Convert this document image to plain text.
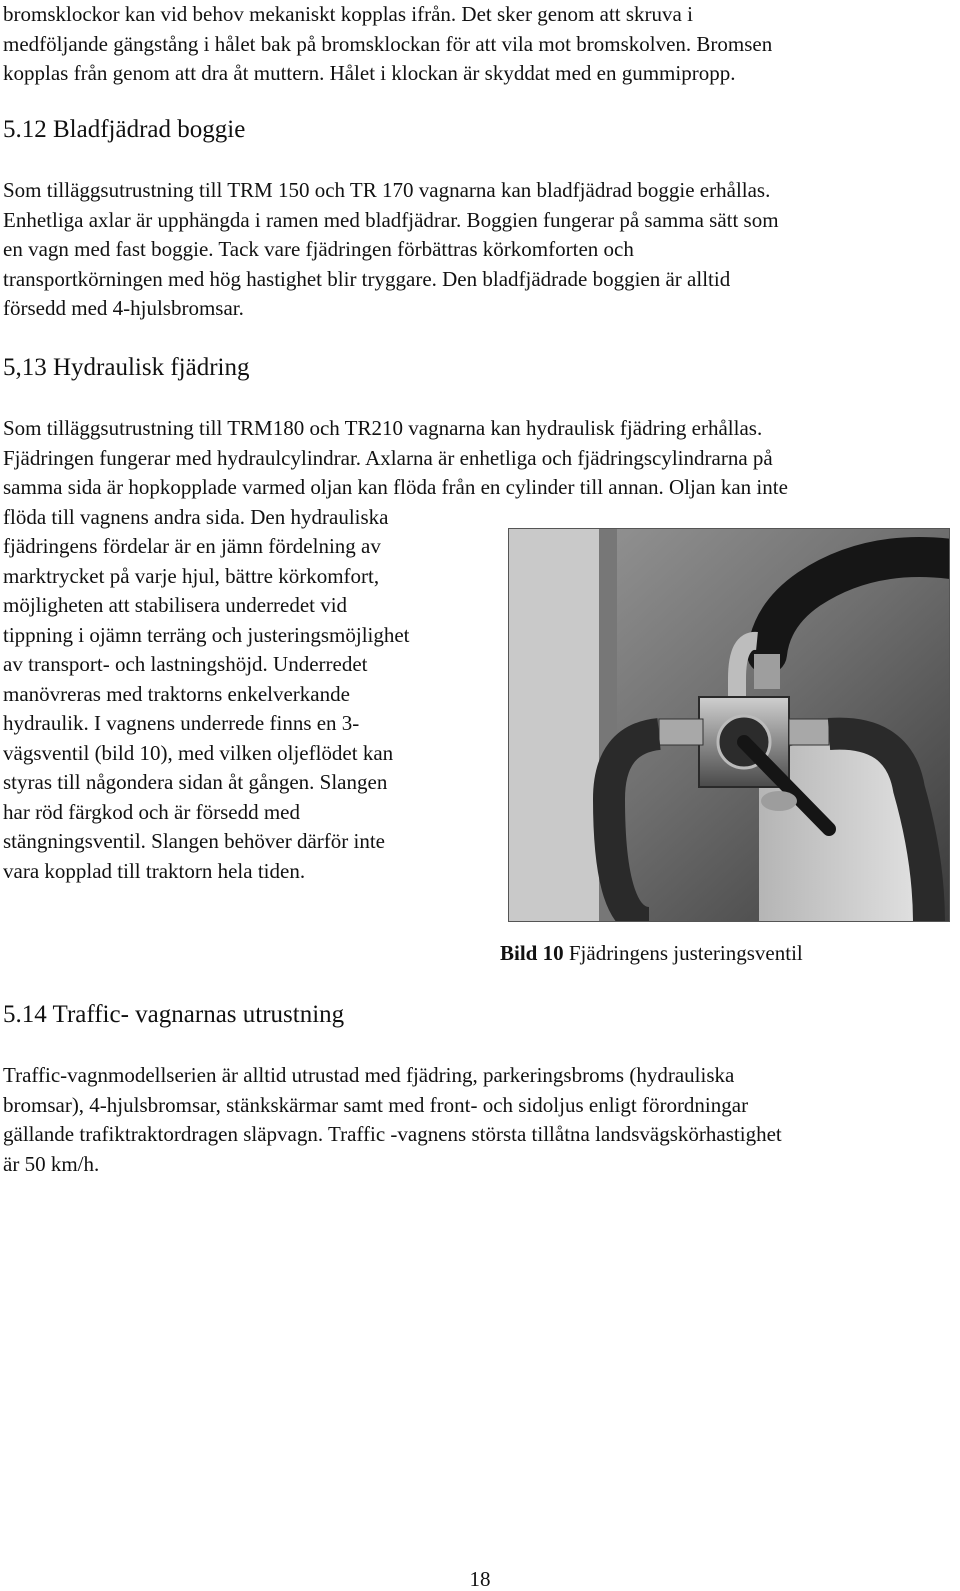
bromsklockor kan vid behov mekaniskt kopplas ifrån. Det sker genom att skruva i
medföljande gängstång i hålet bak på bromsklockan för att vila mot bromskolven. Bromsen
kopplas från genom att dra åt muttern. Hålet i klockan är skyddat med en gummipropp.

5.12 Bladfjädrad boggie

Som tilläggsutrustning till TRM 150 och TR 170 vagnarna kan bladfjädrad boggie erhållas.
Enhetliga axlar är upphängda i ramen med bladfjädrar. Boggien fungerar på samma sätt som
en vagn med fast boggie. Tack vare fjädringen förbättras körkomforten och
transportkörningen med hög hastighet blir tryggare. Den bladfjädrade boggien är alltid
försedd med 4-hjulsbromsar.

5,13 Hydraulisk fjädring

Som tilläggsutrustning till TRM180 och TR210 vagnarna kan hydraulisk fjädring erhållas.
Fjädringen fungerar med hydraulcylindrar. Axlarna är enhetliga och fjädringscylindrarna på
samma sida är hopkopplade varmed oljan kan flöda från en cylinder till annan. Oljan kan inte
flöda till vagnens andra sida. Den hydrauliska
fjädringens fördelar är en jämn fördelning av
marktrycket på varje hjul, bättre körkomfort,
möjligheten att stabilisera underredet vid
tippning i ojämn terräng och justeringsmöjlighet
av transport- och lastningshöjd. Underredet
manövreras med traktorns enkelverkande
hydraulik. I vagnens underrede finns en 3-
vägsventil (bild 10), med vilken oljeflödet kan
styras till någondera sidan åt gången. Slangen
har röd färgkod och är försedd med
stängningsventil. Slangen behöver därför inte
vara kopplad till traktorn hela tiden.

Bild 10 Fjädringens justeringsventil
5.14 Traffic- vagnarnas utrustning

Traffic-vagnmodellserien är alltid utrustad med fjädring, parkeringsbroms (hydrauliska
bromsar), 4-hjulsbromsar, stänkskärmar samt med front- och sidoljus enligt förordningar
gällande trafiktraktordragen släpvagn. Traffic -vagnens största tillåtna landsvägskörhastighet
är 50 km/h.

18
